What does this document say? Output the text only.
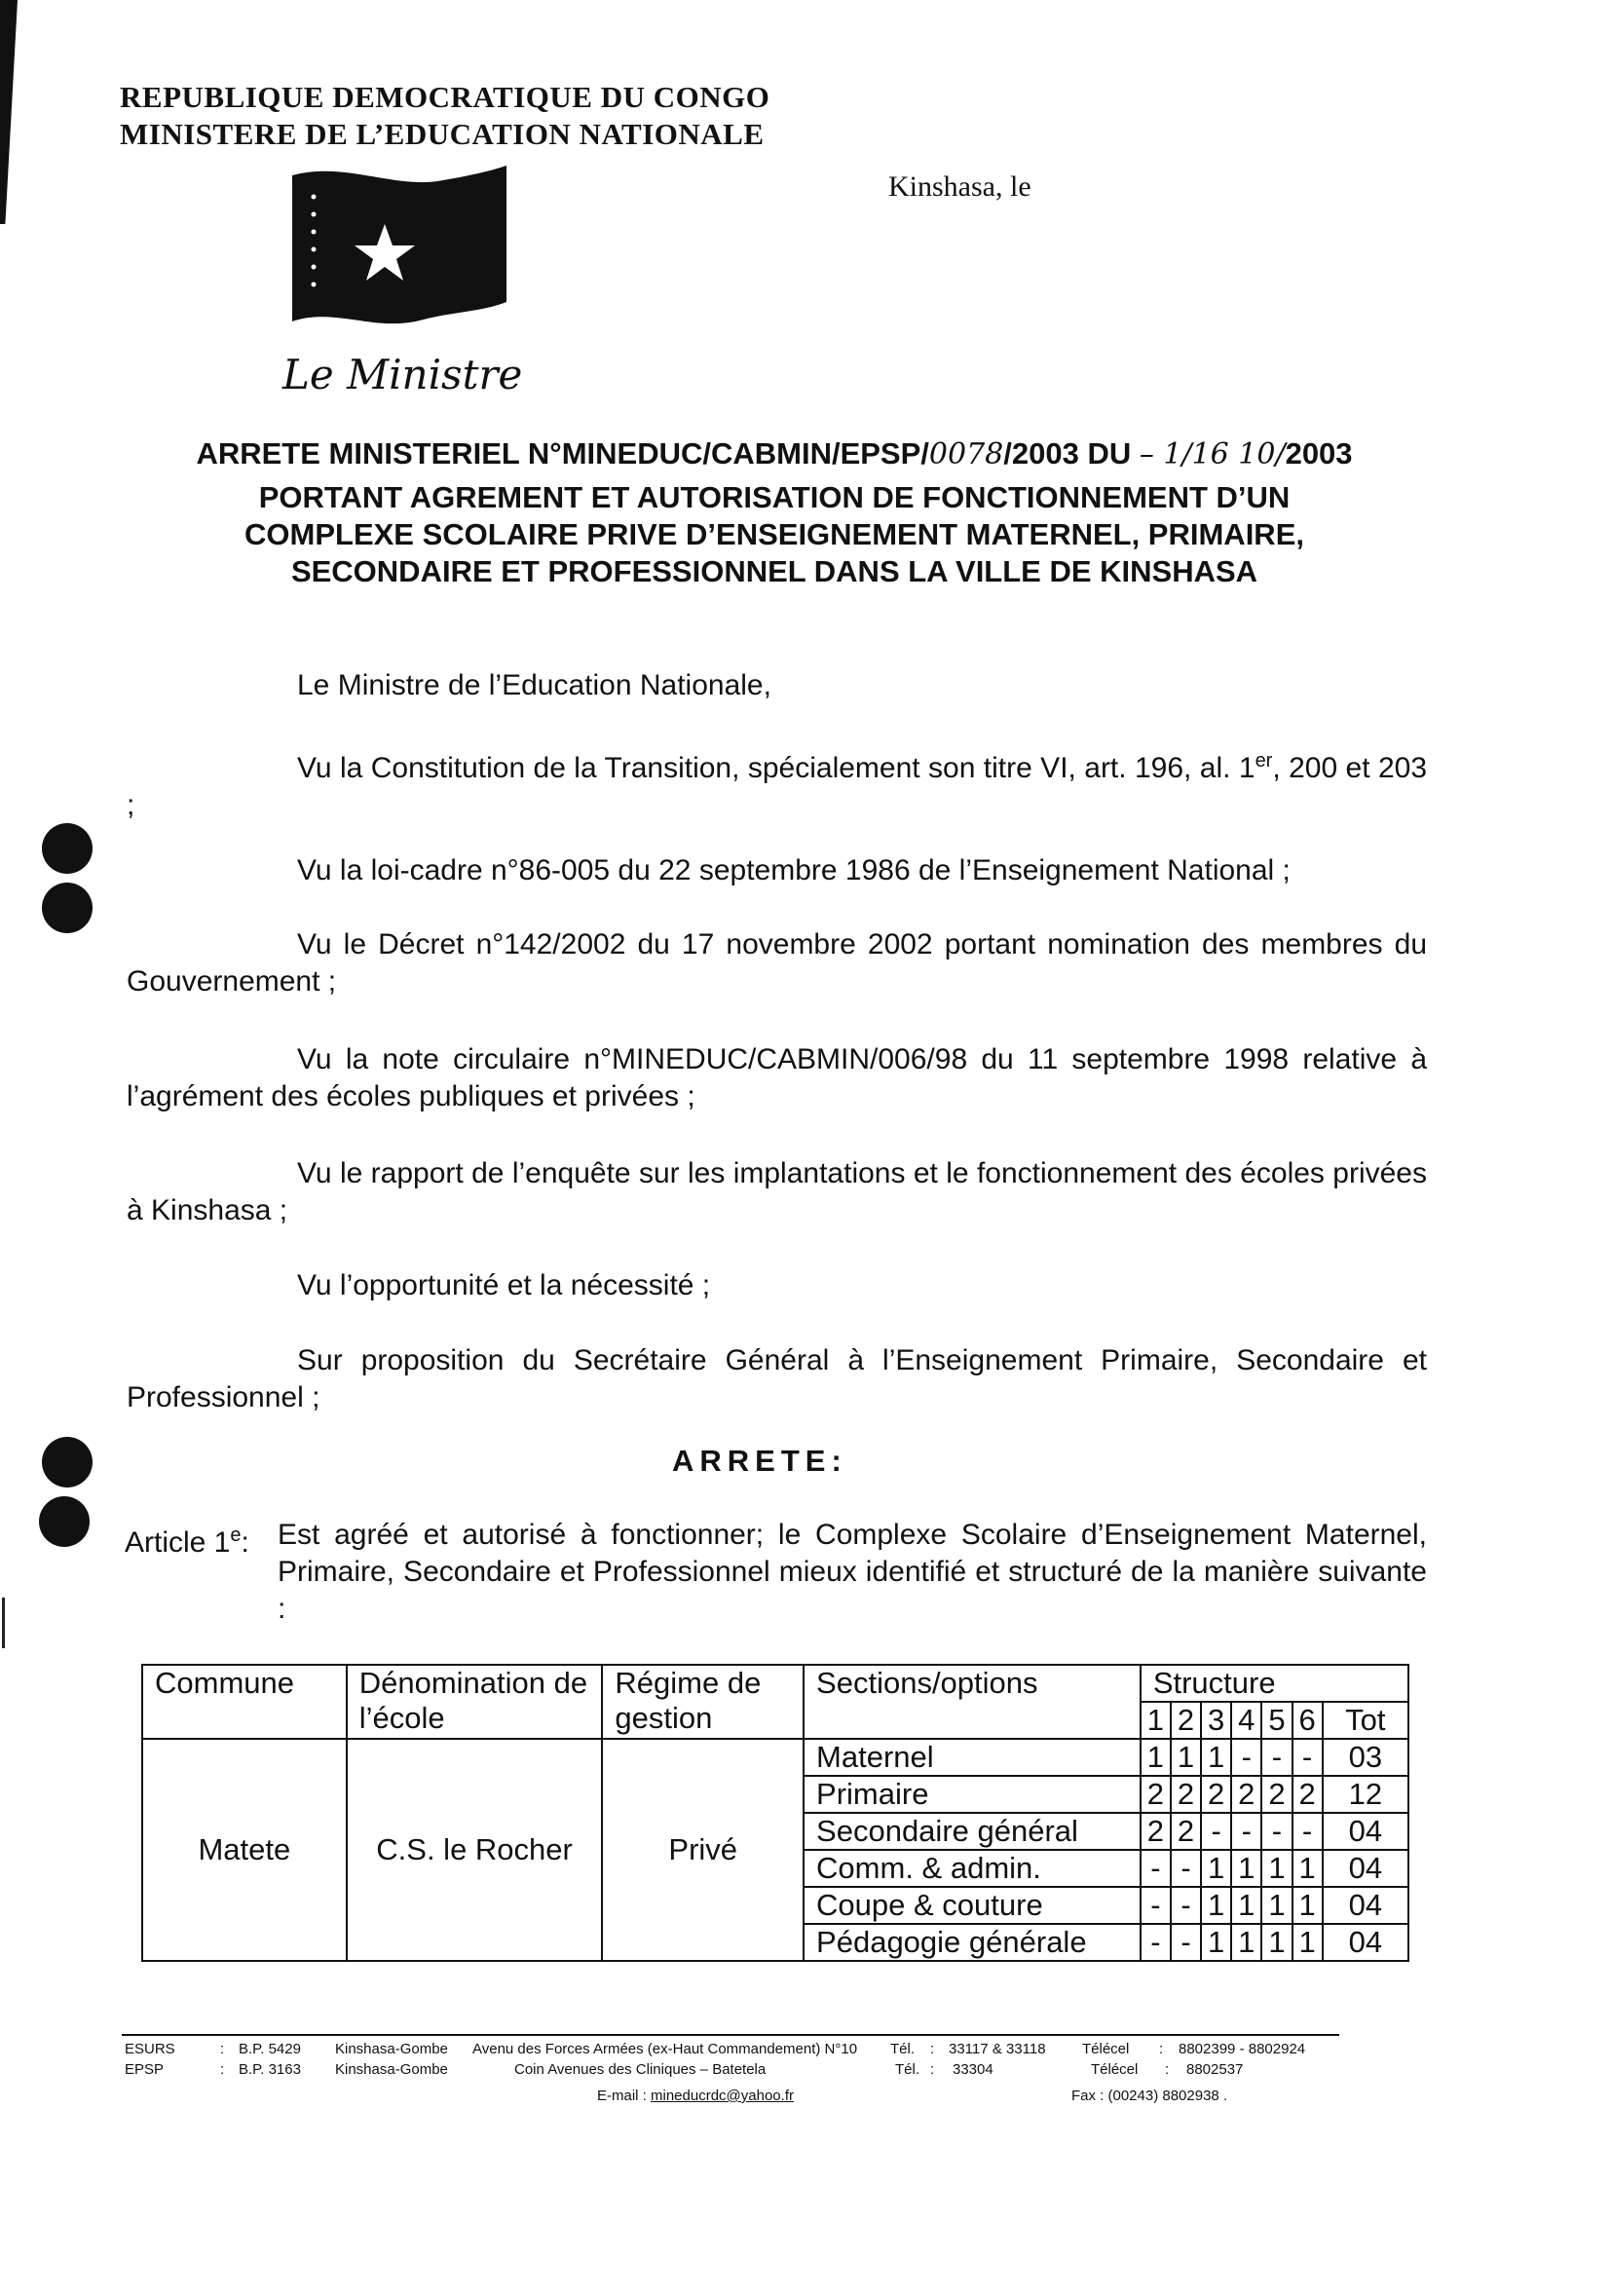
REPUBLIQUE DEMOCRATIQUE DU CONGO
MINISTERE DE L’EDUCATION NATIONALE
Kinshasa, le
Le Ministre
ARRETE MINISTERIEL N°MINEDUC/CABMIN/EPSP/0078/2003 DU – 1/16 10/2003
PORTANT AGREMENT ET AUTORISATION DE FONCTIONNEMENT D’UN
COMPLEXE SCOLAIRE PRIVE D’ENSEIGNEMENT MATERNEL, PRIMAIRE,
SECONDAIRE ET PROFESSIONNEL DANS LA VILLE DE KINSHASA
Le Ministre de l’Education Nationale,
Vu la Constitution de la Transition, spécialement son titre VI, art. 196, al. 1er, 200 et 203 ;
Vu la loi-cadre n°86-005 du 22 septembre 1986 de l’Enseignement National ;
Vu le Décret n°142/2002 du 17 novembre 2002 portant nomination des membres du Gouvernement ;
Vu la note circulaire n°MINEDUC/CABMIN/006/98 du 11 septembre 1998 relative à l’agrément des écoles publiques et privées ;
Vu le rapport de l’enquête sur les implantations et le fonctionnement des écoles privées à Kinshasa ;
Vu l’opportunité et la nécessité ;
Sur proposition du Secrétaire Général à l’Enseignement Primaire, Secondaire et Professionnel ;
ARRETE:
Article 1e: Est agréé et autorisé à fonctionner; le Complexe Scolaire d’Enseignement Maternel, Primaire, Secondaire et Professionnel mieux identifié et structuré de la manière suivante :
Commune	Dénomination de l’école	Régime de gestion	Sections/options	Structure						
				1	2	3	4	5	6	Tot
Matete	C.S. le Rocher	Privé	Maternel	1	1	1	-	-	-	03
			Primaire	2	2	2	2	2	2	12
			Secondaire général	2	2	-	-	-	-	04
			Comm. & admin.	-	-	1	1	1	1	04
			Coupe & couture	-	-	1	1	1	1	04
			Pédagogie générale	-	-	1	1	1	1	04
ESURS	: B.P. 5429 Kinshasa-Gombe Avenu des Forces Armées (ex-Haut Commandement) N°10 Tél. : 33117 & 33118 Télécel : 8802399 - 8802924
EPSP	: B.P. 3163 Kinshasa-Gombe	Coin Avenues des Cliniques – Batetela	Tél. : 33304	Télécel : 8802537
E-mail : mineducrdc@yahoo.fr	Fax : (00243) 8802938 .
